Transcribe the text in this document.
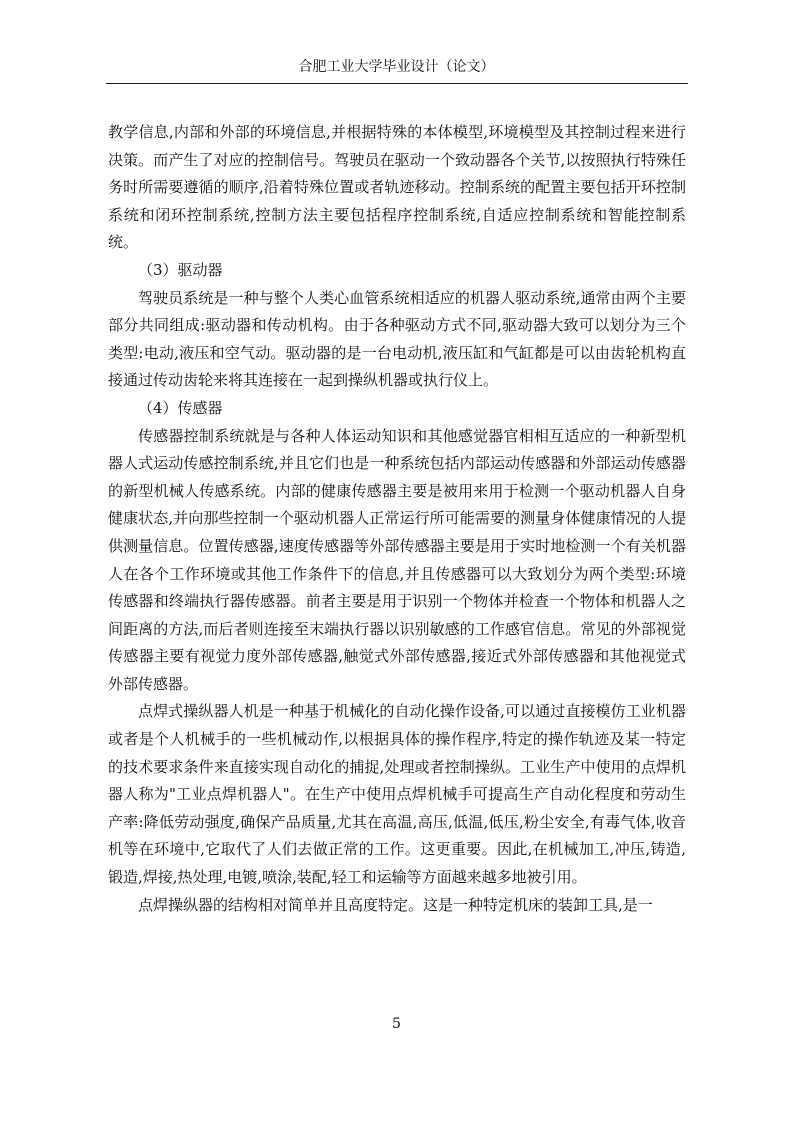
合肥工业大学毕业设计（论文）

教学信息,内部和外部的环境信息,并根据特殊的本体模型,环境模型及其控制过程来进行决策。而产生了对应的控制信号。驾驶员在驱动一个致动器各个关节,以按照执行特殊任务时所需要遵循的顺序,沿着特殊位置或者轨迹移动。控制系统的配置主要包括开环控制系统和闭环控制系统,控制方法主要包括程序控制系统,自适应控制系统和智能控制系统。

（3）驱动器

驾驶员系统是一种与整个人类心血管系统相适应的机器人驱动系统,通常由两个主要部分共同组成:驱动器和传动机构。由于各种驱动方式不同,驱动器大致可以划分为三个类型:电动,液压和空气动。驱动器的是一台电动机,液压缸和气缸都是可以由齿轮机构直接通过传动齿轮来将其连接在一起到操纵机器或执行仪上。

（4）传感器

传感器控制系统就是与各种人体运动知识和其他感觉器官相相互适应的一种新型机器人式运动传感控制系统,并且它们也是一种系统包括内部运动传感器和外部运动传感器的新型机械人传感系统。内部的健康传感器主要是被用来用于检测一个驱动机器人自身健康状态,并向那些控制一个驱动机器人正常运行所可能需要的测量身体健康情况的人提供测量信息。位置传感器,速度传感器等外部传感器主要是用于实时地检测一个有关机器人在各个工作环境或其他工作条件下的信息,并且传感器可以大致划分为两个类型:环境传感器和终端执行器传感器。前者主要是用于识别一个物体并检查一个物体和机器人之间距离的方法,而后者则连接至末端执行器以识别敏感的工作感官信息。常见的外部视觉传感器主要有视觉力度外部传感器,触觉式外部传感器,接近式外部传感器和其他视觉式外部传感器。

点焊式操纵器人机是一种基于机械化的自动化操作设备,可以通过直接模仿工业机器或者是个人机械手的一些机械动作,以根据具体的操作程序,特定的操作轨迹及某一特定的技术要求条件来直接实现自动化的捕捉,处理或者控制操纵。工业生产中使用的点焊机器人称为"工业点焊机器人"。在生产中使用点焊机械手可提高生产自动化程度和劳动生产率:降低劳动强度,确保产品质量,尤其在高温,高压,低温,低压,粉尘安全,有毒气体,收音机等在环境中,它取代了人们去做正常的工作。这更重要。因此,在机械加工,冲压,铸造,锻造,焊接,热处理,电镀,喷涂,装配,轻工和运输等方面越来越多地被引用。

点焊操纵器的结构相对简单并且高度特定。这是一种特定机床的装卸工具,是一

5
